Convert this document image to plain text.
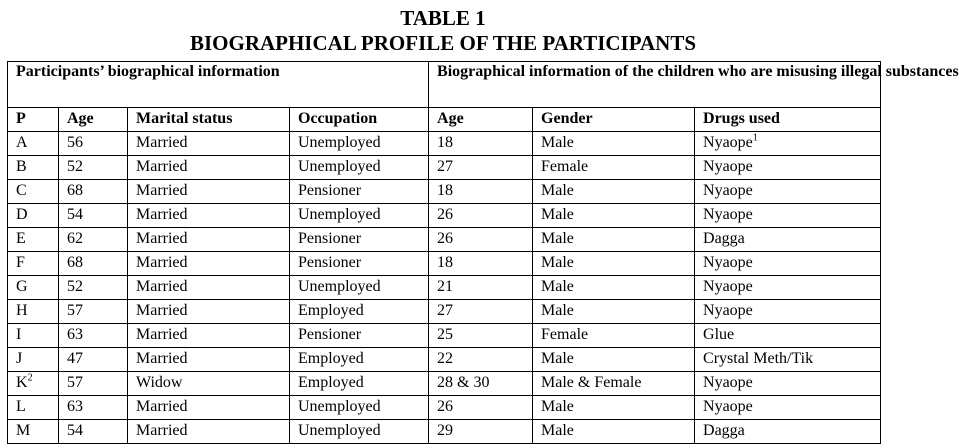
TABLE 1
BIOGRAPHICAL PROFILE OF THE PARTICIPANTS
Participants’ biographical information				Biographical information of the children who are misusing illegal substances		
P	Age	Marital status	Occupation	Age	Gender	Drugs used
A	56	Married	Unemployed	18	Male	Nyaope$^1$
B	52	Married	Unemployed	27	Female	Nyaope
C	68	Married	Pensioner	18	Male	Nyaope
D	54	Married	Unemployed	26	Male	Nyaope
E	62	Married	Pensioner	26	Male	Dagga
F	68	Married	Pensioner	18	Male	Nyaope
G	52	Married	Unemployed	21	Male	Nyaope
H	57	Married	Employed	27	Male	Nyaope
I	63	Married	Pensioner	25	Female	Glue
J	47	Married	Employed	22	Male	Crystal Meth/Tik
K$^2$	57	Widow	Employed	28 & 30	Male & Female	Nyaope
L	63	Married	Unemployed	26	Male	Nyaope
M	54	Married	Unemployed	29	Male	Dagga
